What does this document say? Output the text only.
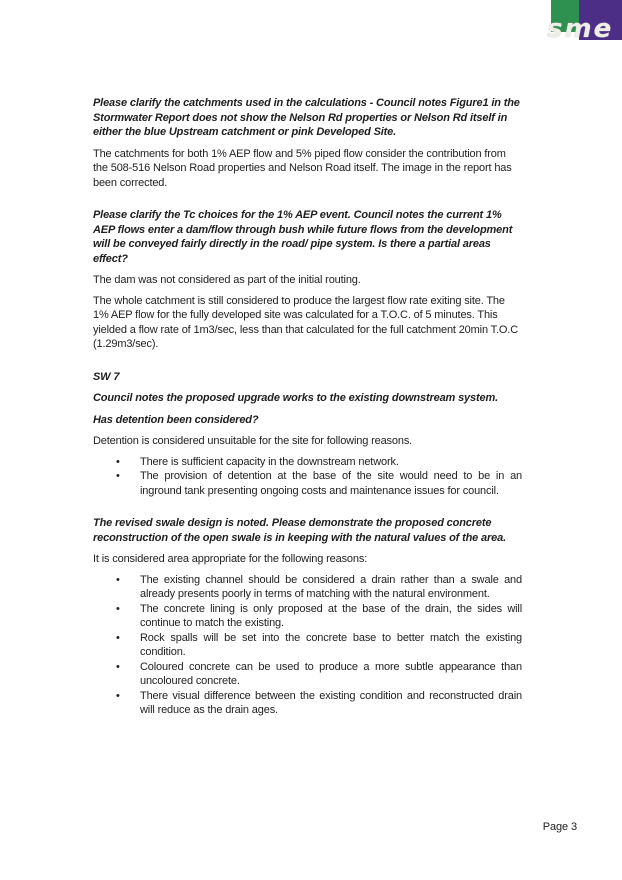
sme

Please clarify the catchments used in the calculations - Council notes Figure1 in the Stormwater Report does not show the Nelson Rd properties or Nelson Rd itself in either the blue Upstream catchment or pink Developed Site.

The catchments for both 1% AEP flow and 5% piped flow consider the contribution from the 508-516 Nelson Road properties and Nelson Road itself. The image in the report has been corrected.

Please clarify the Tc choices for the 1% AEP event. Council notes the current 1% AEP flows enter a dam/flow through bush while future flows from the development will be conveyed fairly directly in the road/ pipe system. Is there a partial areas effect?

The dam was not considered as part of the initial routing.

The whole catchment is still considered to produce the largest flow rate exiting site. The 1% AEP flow for the fully developed site was calculated for a T.O.C. of 5 minutes. This yielded a flow rate of 1m3/sec, less than that calculated for the full catchment 20min T.O.C (1.29m3/sec).

SW 7

Council notes the proposed upgrade works to the existing downstream system.

Has detention been considered?

Detention is considered unsuitable for the site for following reasons.

• There is sufficient capacity in the downstream network.
• The provision of detention at the base of the site would need to be in an inground tank presenting ongoing costs and maintenance issues for council.

The revised swale design is noted. Please demonstrate the proposed concrete reconstruction of the open swale is in keeping with the natural values of the area.

It is considered area appropriate for the following reasons:

• The existing channel should be considered a drain rather than a swale and already presents poorly in terms of matching with the natural environment.
• The concrete lining is only proposed at the base of the drain, the sides will continue to match the existing.
• Rock spalls will be set into the concrete base to better match the existing condition.
• Coloured concrete can be used to produce a more subtle appearance than uncoloured concrete.
• There visual difference between the existing condition and reconstructed drain will reduce as the drain ages.
Page 3
